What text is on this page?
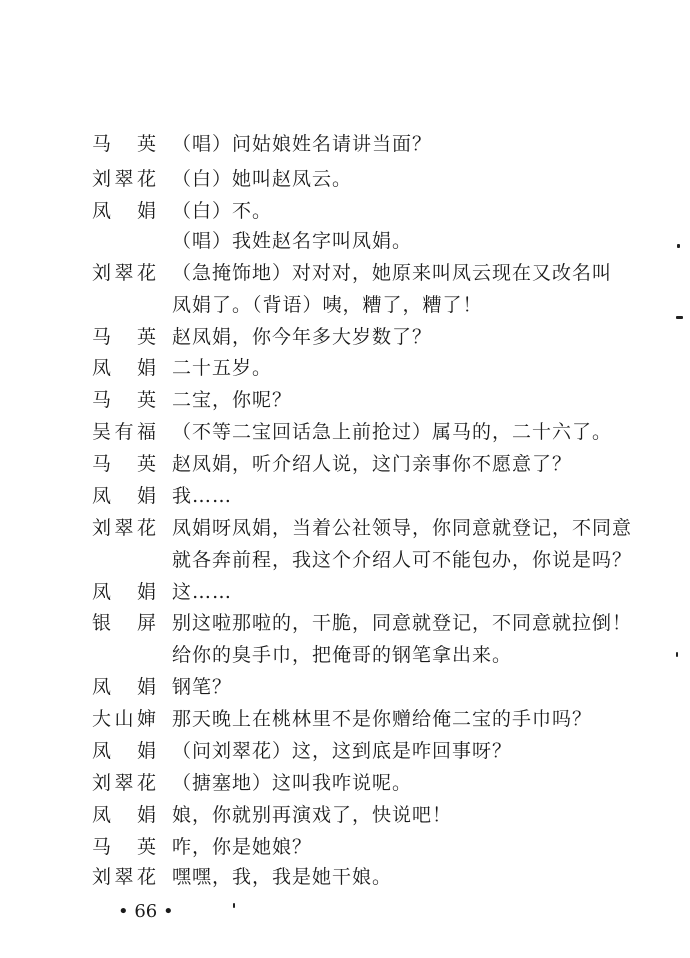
马　英 （唱）问姑娘姓名请讲当面？
刘翠花 （白）她叫赵凤云。
凤　娟 （白）不。
（唱）我姓赵名字叫凤娟。
刘翠花 （急掩饰地）对对对，她原来叫凤云现在又改名叫
凤娟了。（背语）咦，糟了，糟了！
马　英 赵凤娟，你今年多大岁数了？
凤　娟 二十五岁。
马　英 二宝，你呢？
吴有福 （不等二宝回话急上前抢过）属马的，二十六了。
马　英 赵凤娟，听介绍人说，这门亲事你不愿意了？
凤　娟 我……
刘翠花 凤娟呀凤娟，当着公社领导，你同意就登记，不同意
就各奔前程，我这个介绍人可不能包办，你说是吗？
凤　娟 这……
银　屏 别这啦那啦的，干脆，同意就登记，不同意就拉倒！
给你的臭手巾，把俺哥的钢笔拿出来。
凤　娟 钢笔？
大山婶 那天晚上在桃林里不是你赠给俺二宝的手巾吗？
凤　娟 （问刘翠花）这，这到底是咋回事呀？
刘翠花 （搪塞地）这叫我咋说呢。
凤　娟 娘，你就别再演戏了，快说吧！
马　英 咋，你是她娘？
刘翠花 嘿嘿，我，我是她干娘。
• 66 •
